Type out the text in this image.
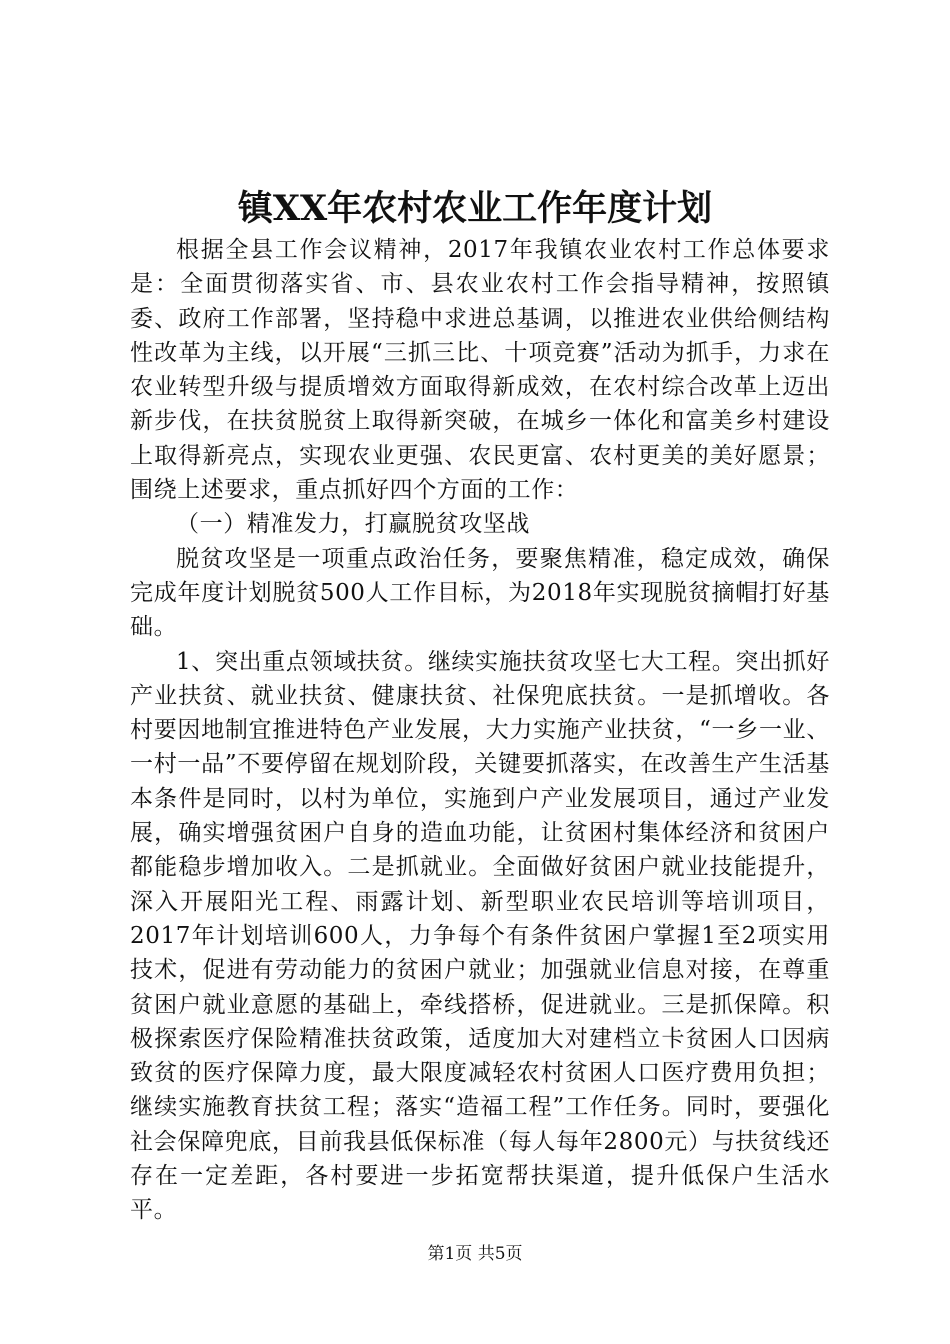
镇XX年农村农业工作年度计划

根据全县工作会议精神，2017年我镇农业农村工作总体要求是：全面贯彻落实省、市、县农业农村工作会指导精神，按照镇委、政府工作部署，坚持稳中求进总基调，以推进农业供给侧结构性改革为主线，以开展“三抓三比、十项竞赛”活动为抓手，力求在农业转型升级与提质增效方面取得新成效，在农村综合改革上迈出新步伐，在扶贫脱贫上取得新突破，在城乡一体化和富美乡村建设上取得新亮点，实现农业更强、农民更富、农村更美的美好愿景；围绕上述要求，重点抓好四个方面的工作：

（一）精准发力，打赢脱贫攻坚战

脱贫攻坚是一项重点政治任务，要聚焦精准，稳定成效，确保完成年度计划脱贫500人工作目标，为2018年实现脱贫摘帽打好基础。

1、突出重点领域扶贫。继续实施扶贫攻坚七大工程。突出抓好产业扶贫、就业扶贫、健康扶贫、社保兜底扶贫。一是抓增收。各村要因地制宜推进特色产业发展，大力实施产业扶贫，“一乡一业、一村一品”不要停留在规划阶段，关键要抓落实，在改善生产生活基本条件是同时，以村为单位，实施到户产业发展项目，通过产业发展，确实增强贫困户自身的造血功能，让贫困村集体经济和贫困户都能稳步增加收入。二是抓就业。全面做好贫困户就业技能提升，深入开展阳光工程、雨露计划、新型职业农民培训等培训项目，2017年计划培训600人，力争每个有条件贫困户掌握1至2项实用技术，促进有劳动能力的贫困户就业；加强就业信息对接，在尊重贫困户就业意愿的基础上，牵线搭桥，促进就业。三是抓保障。积极探索医疗保险精准扶贫政策，适度加大对建档立卡贫困人口因病致贫的医疗保障力度，最大限度减轻农村贫困人口医疗费用负担；继续实施教育扶贫工程；落实“造福工程”工作任务。同时，要强化社会保障兜底，目前我县低保标准（每人每年2800元）与扶贫线还存在一定差距，各村要进一步拓宽帮扶渠道，提升低保户生活水平。

第1页 共5页
